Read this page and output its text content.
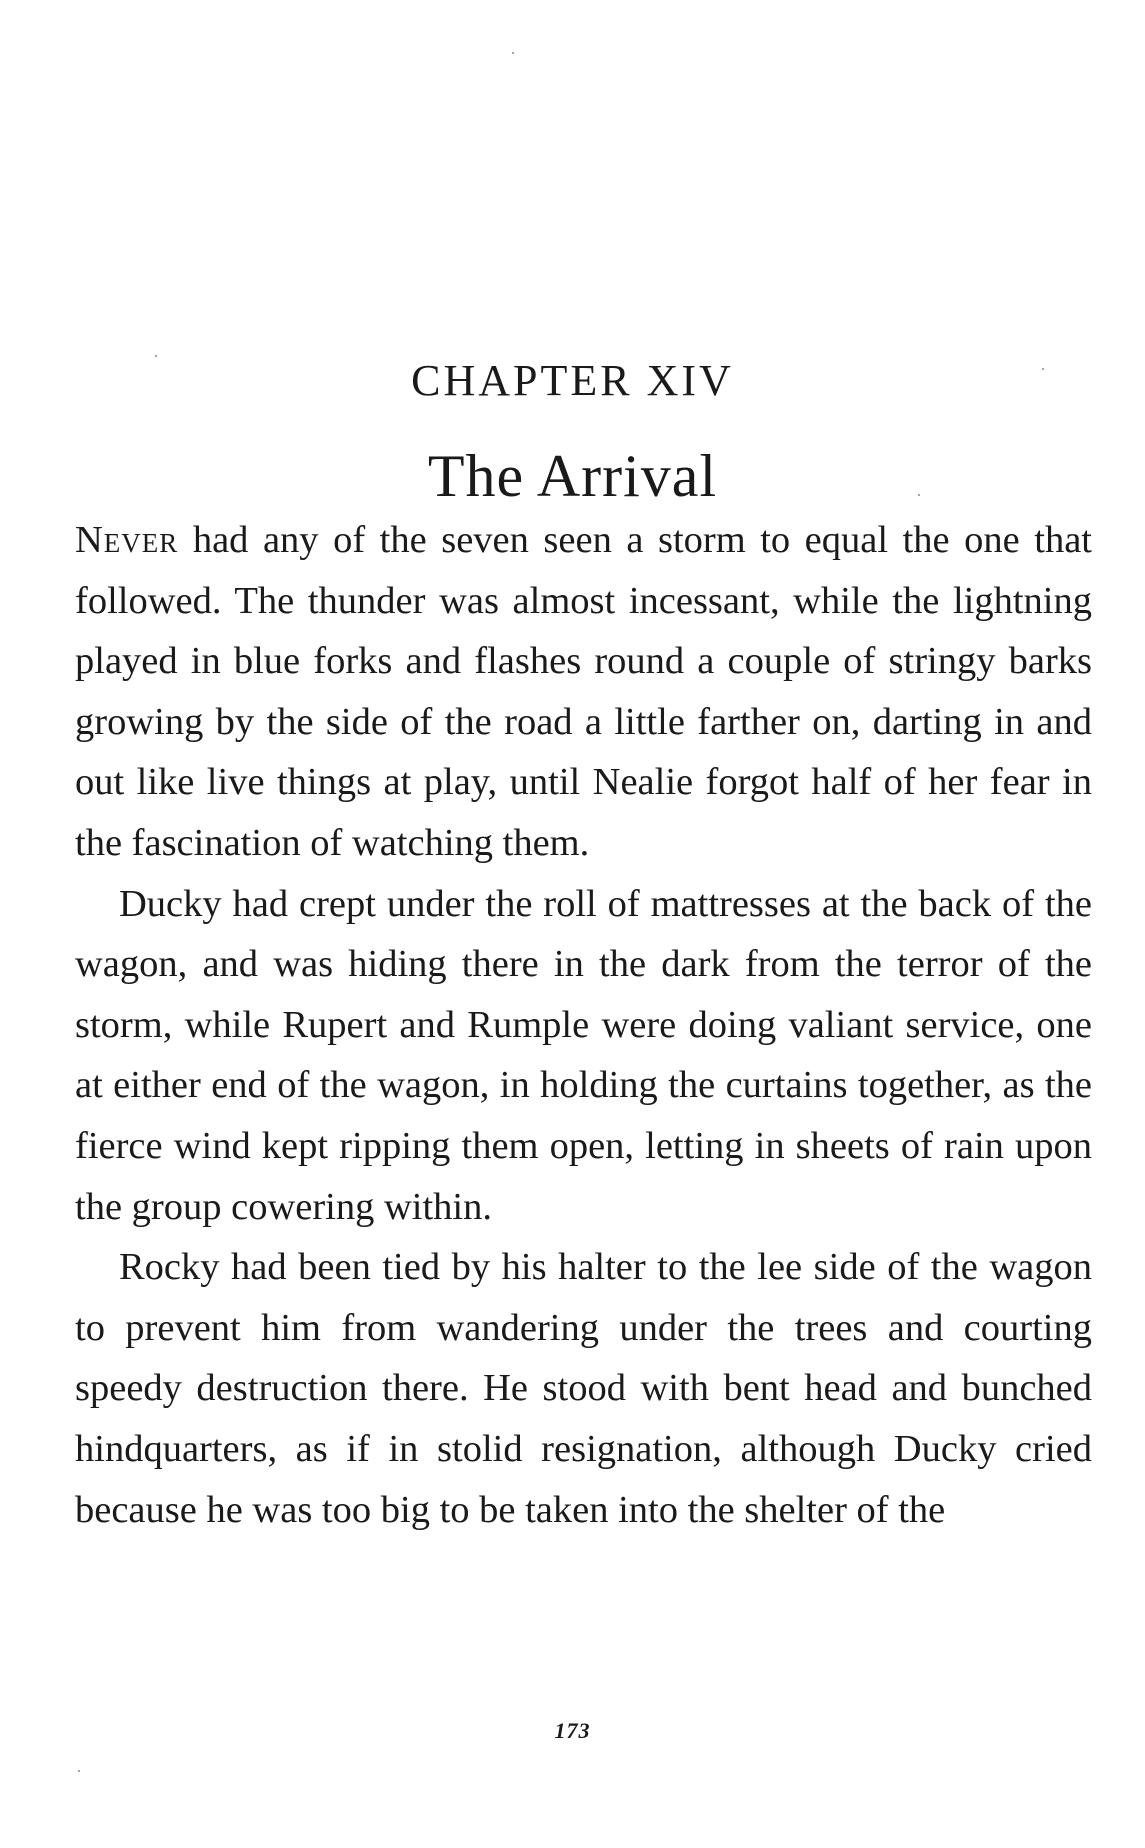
CHAPTER XIV
The Arrival

Never had any of the seven seen a storm to equal the one that followed. The thunder was almost incessant, while the lightning played in blue forks and flashes round a couple of stringy barks growing by the side of the road a little farther on, darting in and out like live things at play, until Nealie forgot half of her fear in the fascination of watching them.

Ducky had crept under the roll of mattresses at the back of the wagon, and was hiding there in the dark from the terror of the storm, while Rupert and Rumple were doing valiant service, one at either end of the wagon, in holding the curtains together, as the fierce wind kept ripping them open, letting in sheets of rain upon the group cowering within.

Rocky had been tied by his halter to the lee side of the wagon to prevent him from wandering under the trees and courting speedy destruction there. He stood with bent head and bunched hindquarters, as if in stolid resignation, although Ducky cried because he was too big to be taken into the shelter of the

173
